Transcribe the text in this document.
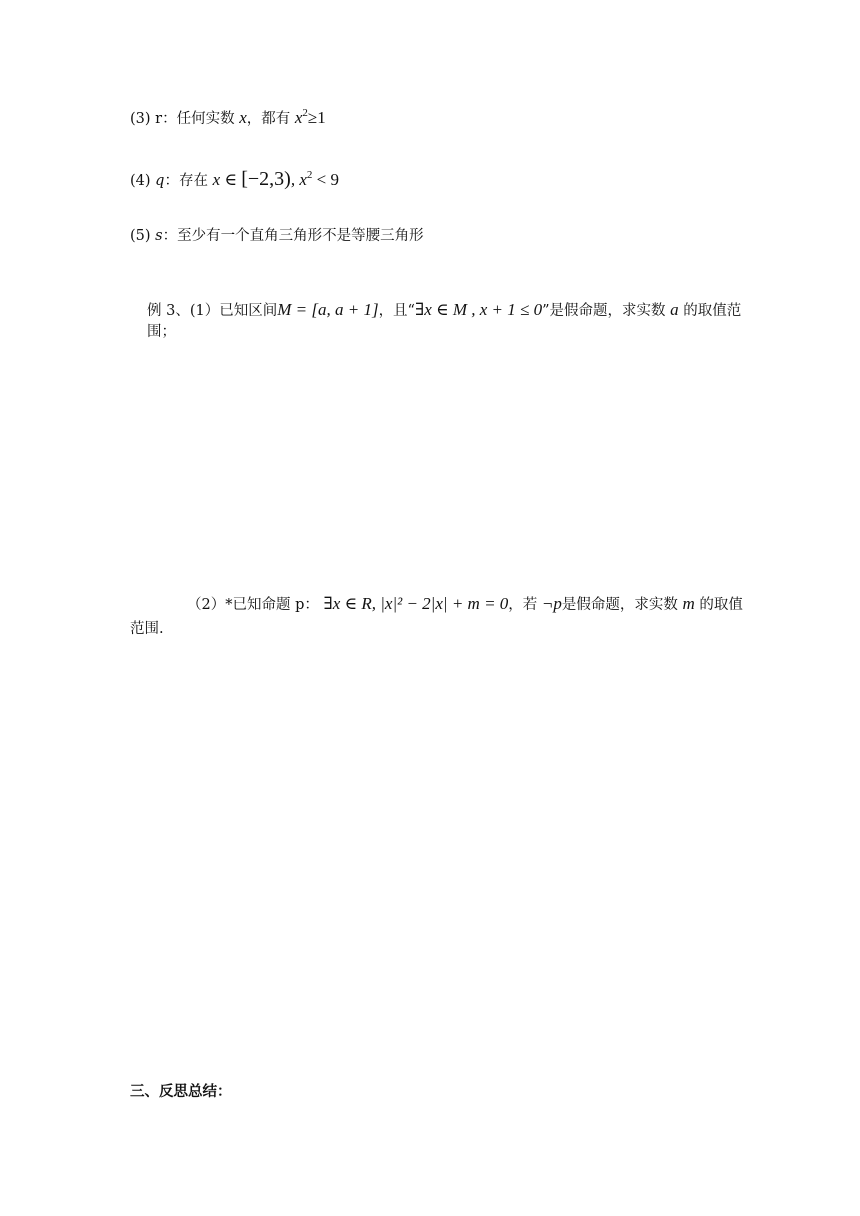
(3) r：任何实数 x，都有 $x^2\ge 1$
(4) q：存在 x ∈ [−2,3), $x^2 < 9$
(5) s：至少有一个直角三角形不是等腰三角形
例 3、(1）已知区间M = [a, a + 1]，且“∃x ∈ M , x + 1 ≤ 0”是假命题，求实数 a 的取值范
围；
（2）*已知命题 p： ∃x ∈ R, |x|² − 2|x| + m = 0，若 ¬p是假命题，求实数 m 的取值
范围.
三、反思总结：
